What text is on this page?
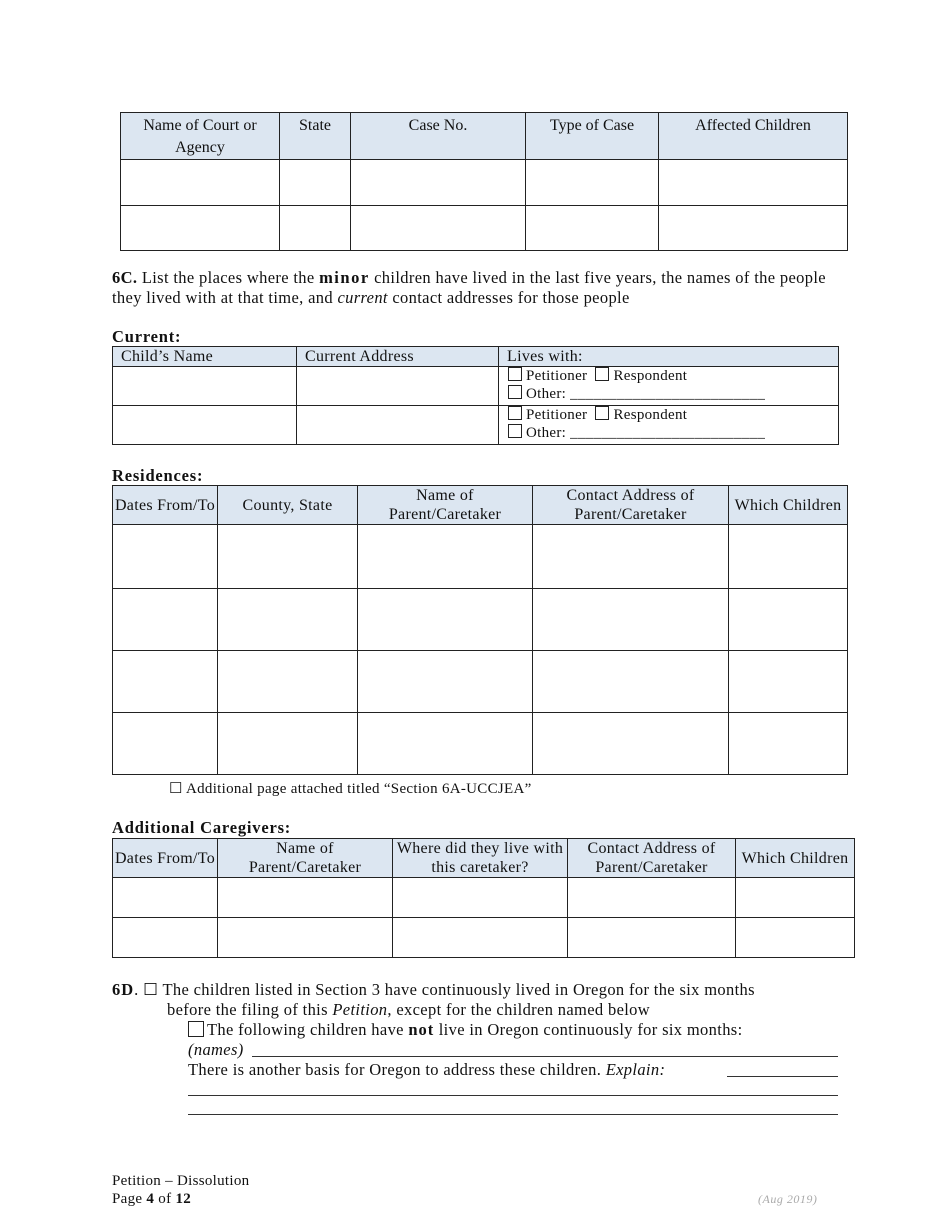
Name of Court or Agency	State	Case No.	Type of Case	Affected Children

6C. List the places where the minor children have lived in the last five years, the names of the people they lived with at that time, and current contact addresses for those people
Current:
Child’s Name	Current Address	Lives with:

		Petitioner Respondent
Other: _________________________

		Petitioner Respondent
Other: _________________________
Residences:
Dates From/To	County, State	Name of Parent/Caretaker	Contact Address of Parent/Caretaker	Which Children

☐ Additional page attached titled “Section 6A-UCCJEA”
Additional Caregivers:
Dates From/To	Name of Parent/Caretaker	Where did they live with this caretaker?	Contact Address of Parent/Caretaker	Which Children

6D. ☐ The children listed in Section 3 have continuously lived in Oregon for the six months
before the filing of this Petition, except for the children named below
The following children have not live in Oregon continuously for six months:
(names)
There is another basis for Oregon to address these children. Explain:
Petition – Dissolution
Page 4 of 12	(Aug 2019)
